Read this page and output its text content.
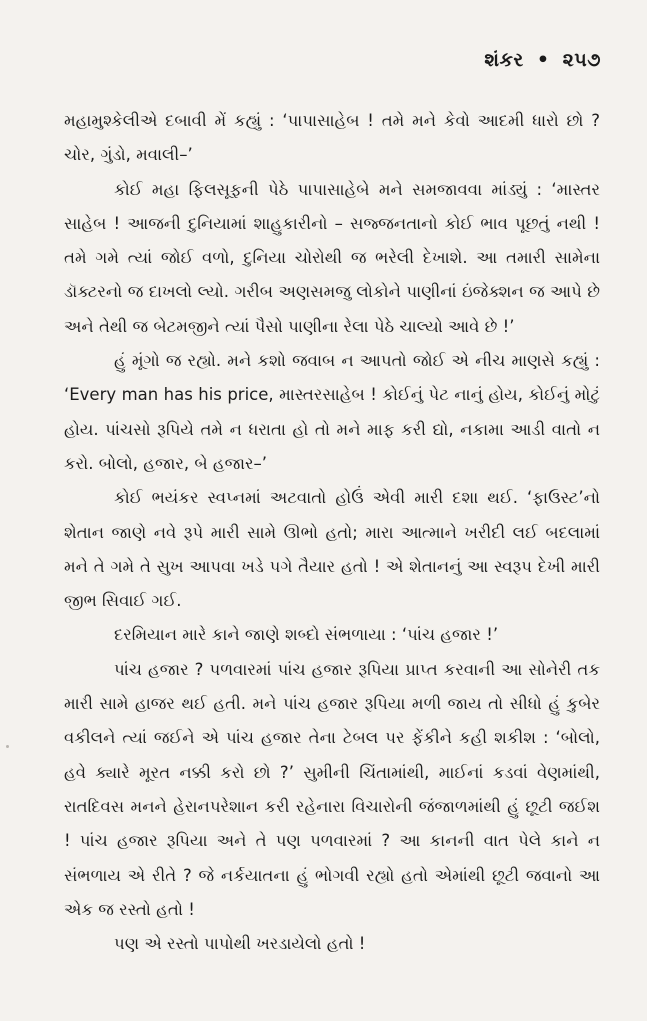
શંકર • ૨૫૭

મહામુશ્કેલીએ દબાવી મેં કહ્યું : ‘પાપાસાહેબ ! તમે મને કેવો આદમી ધારો છો ? ચોર, ગુંડો, મવાલી–’

કોઈ મહા ફિલસૂફની પેઠે પાપાસાહેબે મને સમજાવવા માંડ્યું : ‘માસ્તર સાહેબ ! આજની દુનિયામાં શાહુકારીનો – સજ્જનતાનો કોઈ ભાવ પૂછતું નથી ! તમે ગમે ત્યાં જોઈ વળો, દુનિયા ચોરોથી જ ભરેલી દેખાશે. આ તમારી સામેના ડૉક્ટરનો જ દાખલો લ્યો. ગરીબ અણસમજુ લોકોને પાણીનાં ઇંજેક્શન જ આપે છે અને તેથી જ બેટમજીને ત્યાં પૈસો પાણીના રેલા પેઠે ચાલ્યો આવે છે !’

હું મૂંગો જ રહ્યો. મને કશો જવાબ ન આપતો જોઈ એ નીચ માણસે કહ્યું : ‘Every man has his price, માસ્તરસાહેબ ! કોઈનું પેટ નાનું હોય, કોઈનું મોટું હોય. પાંચસો રૂપિયે તમે ન ધરાતા હો તો મને માફ કરી દ્યો, નકામા આડી વાતો ન કરો. બોલો, હજાર, બે હજાર–’

કોઈ ભયંકર સ્વપ્નમાં અટવાતો હોઉં એવી મારી દશા થઈ. ‘ફાઉસ્ટ’નો શેતાન જાણે નવે રૂપે મારી સામે ઊભો હતો; મારા આત્માને ખરીદી લઈ બદલામાં મને તે ગમે તે સુખ આપવા ખડે પગે તૈયાર હતો ! એ શેતાનનું આ સ્વરૂપ દેખી મારી જીભ સિવાઈ ગઈ.

દરમિયાન મારે કાને જાણે શબ્દો સંભળાયા : ‘પાંચ હજાર !’

પાંચ હજાર ? પળવારમાં પાંચ હજાર રૂપિયા પ્રાપ્ત કરવાની આ સોનેરી તક મારી સામે હાજર થઈ હતી. મને પાંચ હજાર રૂપિયા મળી જાય તો સીધો હું કુબેર વકીલને ત્યાં જઈને એ પાંચ હજાર તેના ટેબલ પર ફેંકીને કહી શકીશ : ‘બોલો, હવે ક્યારે મૂરત નક્કી કરો છો ?’ સુમીની ચિંતામાંથી, માઈનાં કડવાં વેણમાંથી, રાતદિવસ મનને હેરાનપરેશાન કરી રહેનારા વિચારોની જંજાળમાંથી હું છૂટી જઈશ ! પાંચ હજાર રૂપિયા અને તે પણ પળવારમાં ? આ કાનની વાત પેલે કાને ન સંભળાય એ રીતે ? જે નર્કયાતના હું ભોગવી રહ્યો હતો એમાંથી છૂટી જવાનો આ એક જ રસ્તો હતો !

પણ એ રસ્તો પાપોથી ખરડાયેલો હતો !
